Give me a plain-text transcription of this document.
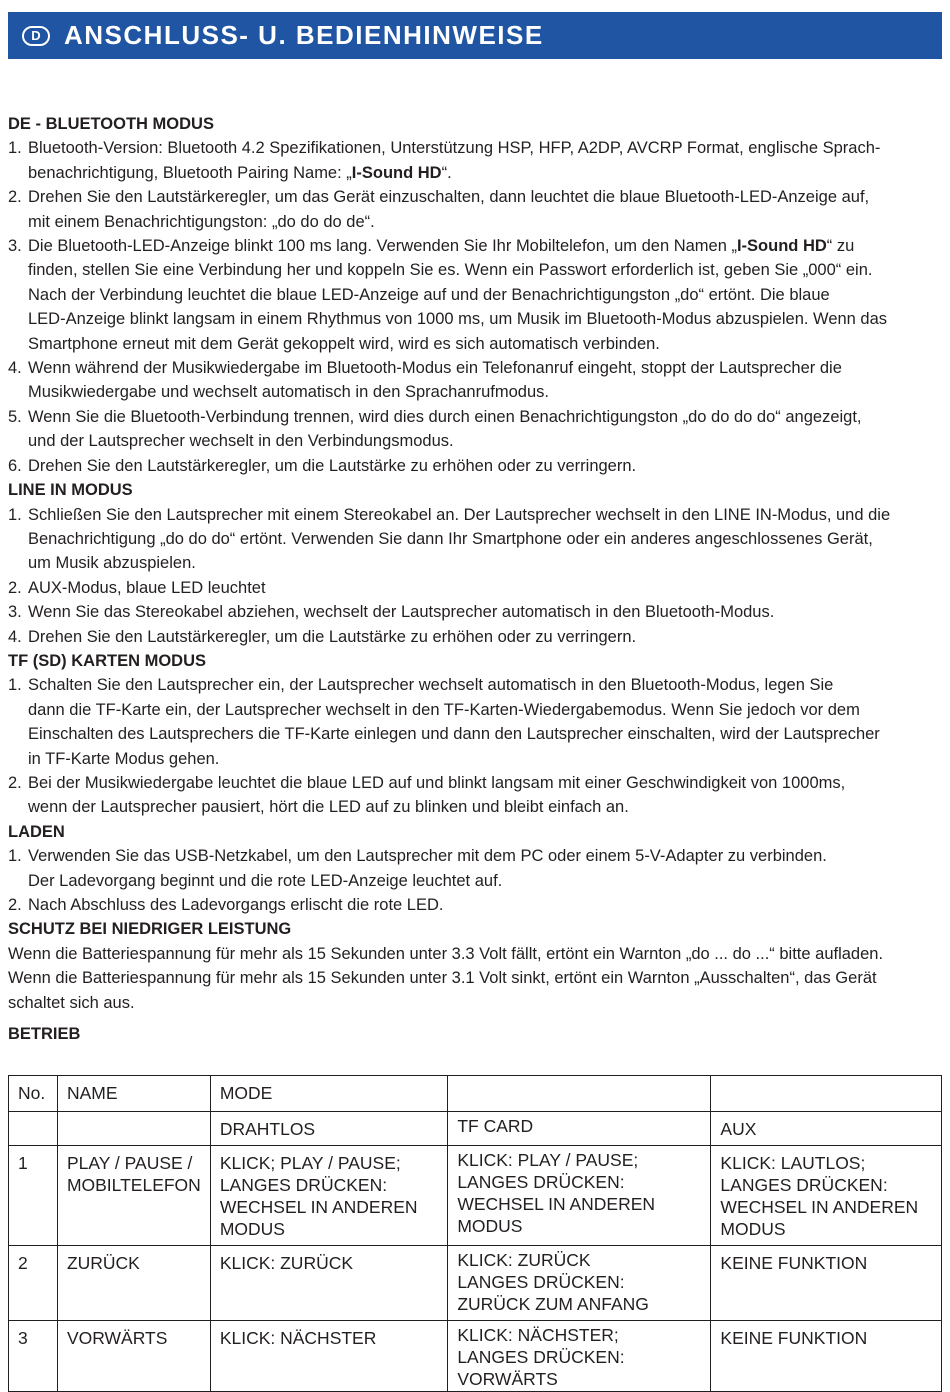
D ANSCHLUSS- U. BEDIENHINWEISE
DE - BLUETOOTH MODUS
1. Bluetooth-Version: Bluetooth 4.2 Spezifikationen, Unterstützung HSP, HFP, A2DP, AVCRP Format, englische Sprach-
benachrichtigung, Bluetooth Pairing Name: „I-Sound HD“.
2. Drehen Sie den Lautstärkeregler, um das Gerät einzuschalten, dann leuchtet die blaue Bluetooth-LED-Anzeige auf,
mit einem Benachrichtigungston: „do do do de“.
3. Die Bluetooth-LED-Anzeige blinkt 100 ms lang. Verwenden Sie Ihr Mobiltelefon, um den Namen „I-Sound HD“ zu
finden, stellen Sie eine Verbindung her und koppeln Sie es. Wenn ein Passwort erforderlich ist, geben Sie „000“ ein.
Nach der Verbindung leuchtet die blaue LED-Anzeige auf und der Benachrichtigungston „do“ ertönt. Die blaue
LED-Anzeige blinkt langsam in einem Rhythmus von 1000 ms, um Musik im Bluetooth-Modus abzuspielen. Wenn das
Smartphone erneut mit dem Gerät gekoppelt wird, wird es sich automatisch verbinden.
4. Wenn während der Musikwiedergabe im Bluetooth-Modus ein Telefonanruf eingeht, stoppt der Lautsprecher die
Musikwiedergabe und wechselt automatisch in den Sprachanrufmodus.
5. Wenn Sie die Bluetooth-Verbindung trennen, wird dies durch einen Benachrichtigungston „do do do do“ angezeigt,
und der Lautsprecher wechselt in den Verbindungsmodus.
6. Drehen Sie den Lautstärkeregler, um die Lautstärke zu erhöhen oder zu verringern.
LINE IN MODUS
1. Schließen Sie den Lautsprecher mit einem Stereokabel an. Der Lautsprecher wechselt in den LINE IN-Modus, und die
Benachrichtigung „do do do“ ertönt. Verwenden Sie dann Ihr Smartphone oder ein anderes angeschlossenes Gerät,
um Musik abzuspielen.
2. AUX-Modus, blaue LED leuchtet
3. Wenn Sie das Stereokabel abziehen, wechselt der Lautsprecher automatisch in den Bluetooth-Modus.
4. Drehen Sie den Lautstärkeregler, um die Lautstärke zu erhöhen oder zu verringern.
TF (SD) KARTEN MODUS
1. Schalten Sie den Lautsprecher ein, der Lautsprecher wechselt automatisch in den Bluetooth-Modus, legen Sie
dann die TF-Karte ein, der Lautsprecher wechselt in den TF-Karten-Wiedergabemodus. Wenn Sie jedoch vor dem
Einschalten des Lautsprechers die TF-Karte einlegen und dann den Lautsprecher einschalten, wird der Lautsprecher
in TF-Karte Modus gehen.
2. Bei der Musikwiedergabe leuchtet die blaue LED auf und blinkt langsam mit einer Geschwindigkeit von 1000ms,
wenn der Lautsprecher pausiert, hört die LED auf zu blinken und bleibt einfach an.
LADEN
1. Verwenden Sie das USB-Netzkabel, um den Lautsprecher mit dem PC oder einem 5-V-Adapter zu verbinden.
Der Ladevorgang beginnt und die rote LED-Anzeige leuchtet auf.
2. Nach Abschluss des Ladevorgangs erlischt die rote LED.
SCHUTZ BEI NIEDRIGER LEISTUNG

Wenn die Batteriespannung für mehr als 15 Sekunden unter 3.3 Volt fällt, ertönt ein Warnton „do ... do ...“ bitte aufladen.
Wenn die Batteriespannung für mehr als 15 Sekunden unter 3.1 Volt sinkt, ertönt ein Warnton „Ausschalten“, das Gerät
schaltet sich aus.

BETRIEB
No.	NAME	MODE		
		DRAHTLOS	TF CARD	AUX
1	PLAY / PAUSE /
MOBILTELEFON	KLICK; PLAY / PAUSE;
LANGES DRÜCKEN:
WECHSEL IN ANDEREN
MODUS	KLICK: PLAY / PAUSE;
LANGES DRÜCKEN:
WECHSEL IN ANDEREN
MODUS	KLICK: LAUTLOS;
LANGES DRÜCKEN:
WECHSEL IN ANDEREN
MODUS
2	ZURÜCK	KLICK: ZURÜCK	KLICK: ZURÜCK
LANGES DRÜCKEN:
ZURÜCK ZUM ANFANG	KEINE FUNKTION
3	VORWÄRTS	KLICK: NÄCHSTER	KLICK: NÄCHSTER;
LANGES DRÜCKEN: VORWÄRTS	KEINE FUNKTION
